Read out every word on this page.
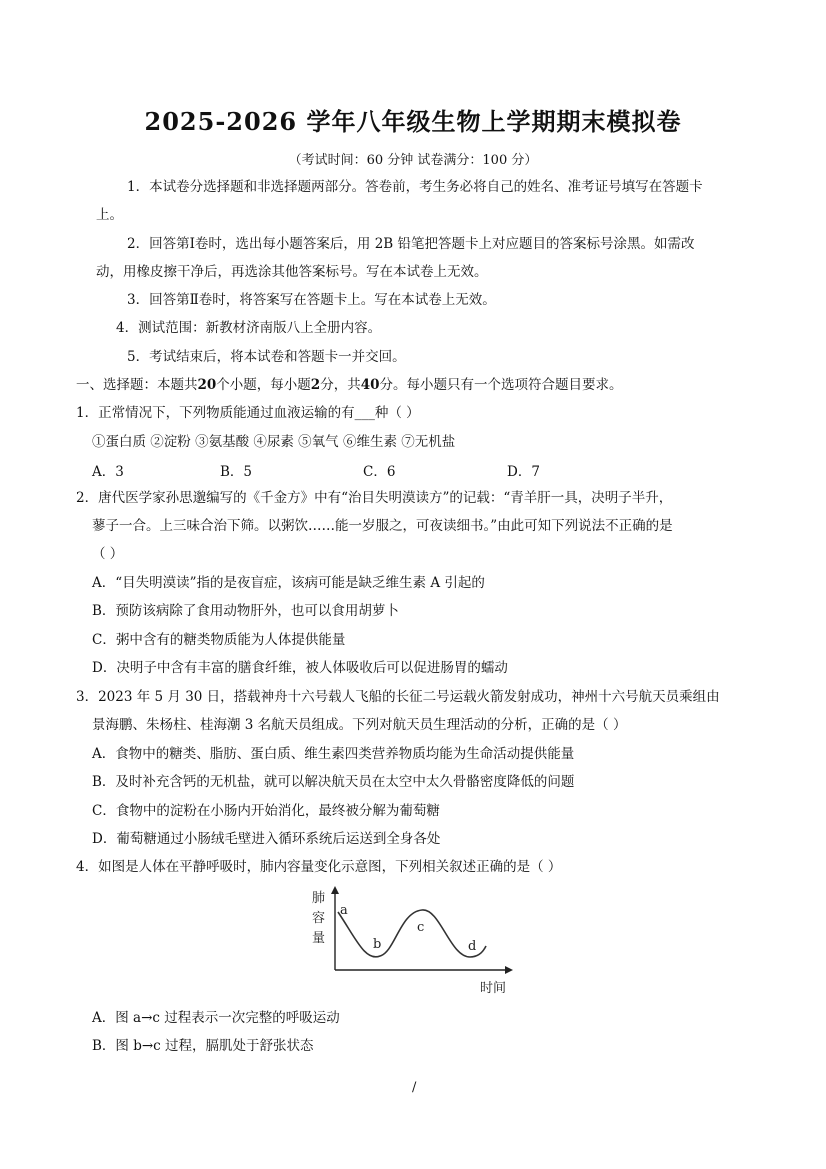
2025-2026 学年八年级生物上学期期末模拟卷
（考试时间：60 分钟 试卷满分：100 分）
1．本试卷分选择题和非选择题两部分。答卷前，考生务必将自己的姓名、准考证号填写在答题卡
上。
2．回答第Ⅰ卷时，选出每小题答案后，用 2B 铅笔把答题卡上对应题目的答案标号涂黑。如需改
动，用橡皮擦干净后，再选涂其他答案标号。写在本试卷上无效。
3．回答第Ⅱ卷时，将答案写在答题卡上。写在本试卷上无效。
4．测试范围：新教材济南版八上全册内容。
5．考试结束后，将本试卷和答题卡一并交回。
一、选择题：本题共20个小题，每小题2分，共40分。每小题只有一个选项符合题目要求。
1．正常情况下，下列物质能通过血液运输的有___种（ ）
①蛋白质 ②淀粉 ③氨基酸 ④尿素 ⑤氧气 ⑥维生素 ⑦无机盐
A．3	B．5	C．6	D．7
2．唐代医学家孙思邈编写的《千金方》中有“治目失明漠读方”的记载：“青羊肝一具，决明子半升，
蓼子一合。上三味合治下筛。以粥饮……能一岁服之，可夜读细书。”由此可知下列说法不正确的是
（ ）
A．“目失明漠读”指的是夜盲症，该病可能是缺乏维生素 A 引起的
B．预防该病除了食用动物肝外，也可以食用胡萝卜
C．粥中含有的糖类物质能为人体提供能量
D．决明子中含有丰富的膳食纤维，被人体吸收后可以促进肠胃的蠕动
3．2023 年 5 月 30 日，搭载神舟十六号载人飞船的长征二号运载火箭发射成功，神州十六号航天员乘组由
景海鹏、朱杨柱、桂海潮 3 名航天员组成。下列对航天员生理活动的分析，正确的是（ ）
A．食物中的糖类、脂肪、蛋白质、维生素四类营养物质均能为生命活动提供能量
B．及时补充含钙的无机盐，就可以解决航天员在太空中太久骨骼密度降低的问题
C．食物中的淀粉在小肠内开始消化，最终被分解为葡萄糖
D．葡萄糖通过小肠绒毛壁进入循环系统后运送到全身各处
4．如图是人体在平静呼吸时，肺内容量变化示意图，下列相关叙述正确的是（ ）
肺
容
量
a
b
c
d
时间
A．图 a→c 过程表示一次完整的呼吸运动
B．图 b→c 过程，膈肌处于舒张状态
/
